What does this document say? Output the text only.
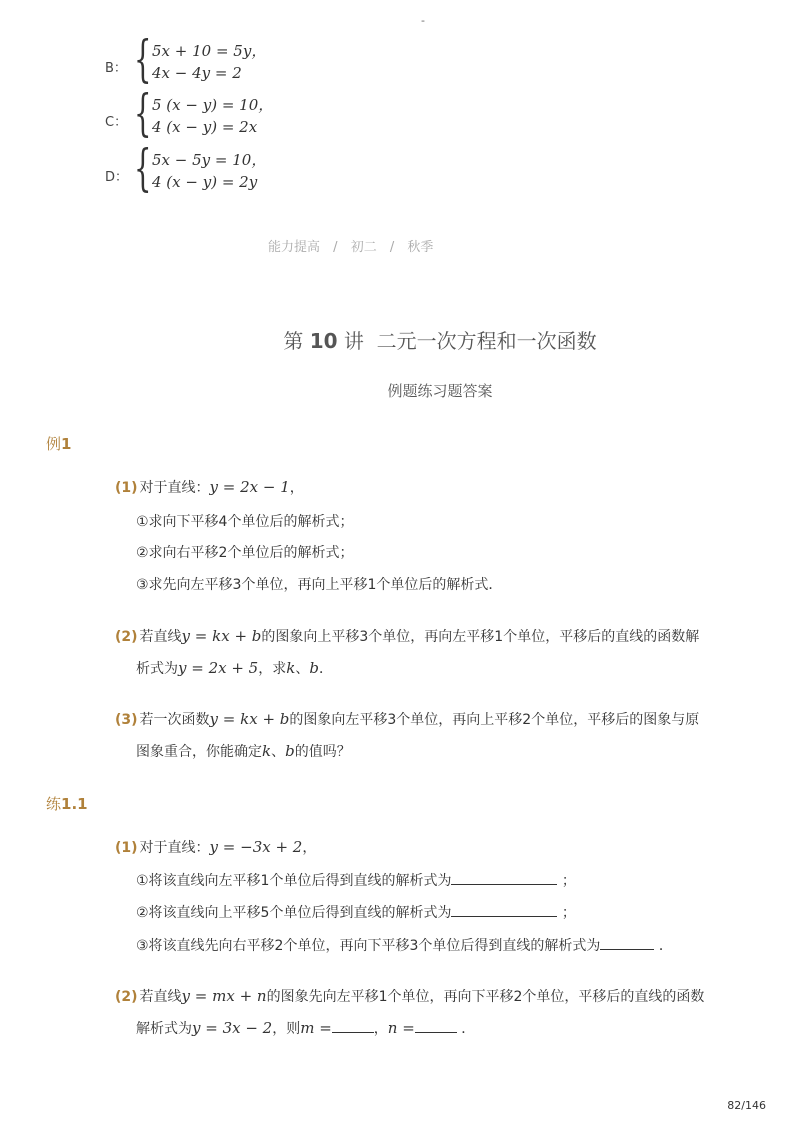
-
B： { 5x + 10 = 5y，
4x − 4y = 2
C： { 5 (x − y) = 10，
4 (x − y) = 2x
D： { 5x − 5y = 10，
4 (x − y) = 2y
能力提高 / 初二 / 秋季
第 10 讲 二元一次方程和一次函数
例题练习题答案
例1
(1) 对于直线：y = 2x − 1，
①求向下平移4个单位后的解析式；
②求向右平移2个单位后的解析式；
③求先向左平移3个单位，再向上平移1个单位后的解析式．
(2) 若直线y = kx + b的图象向上平移3个单位，再向左平移1个单位，平移后的直线的函数解
析式为y = 2x + 5，求k、b．
(3) 若一次函数y = kx + b的图象向左平移3个单位，再向上平移2个单位，平移后的图象与原
图象重合，你能确定k、b的值吗？
练1.1
(1) 对于直线：y = −3x + 2，
①将该直线向左平移1个单位后得到直线的解析式为	；
②将该直线向上平移5个单位后得到直线的解析式为	；
③将该直线先向右平移2个单位，再向下平移3个单位后得到直线的解析式为	．
(2) 若直线y = mx + n的图象先向左平移1个单位，再向下平移2个单位，平移后的直线的函数
解析式为y = 3x − 2，则m =	，n =	．
82/146
